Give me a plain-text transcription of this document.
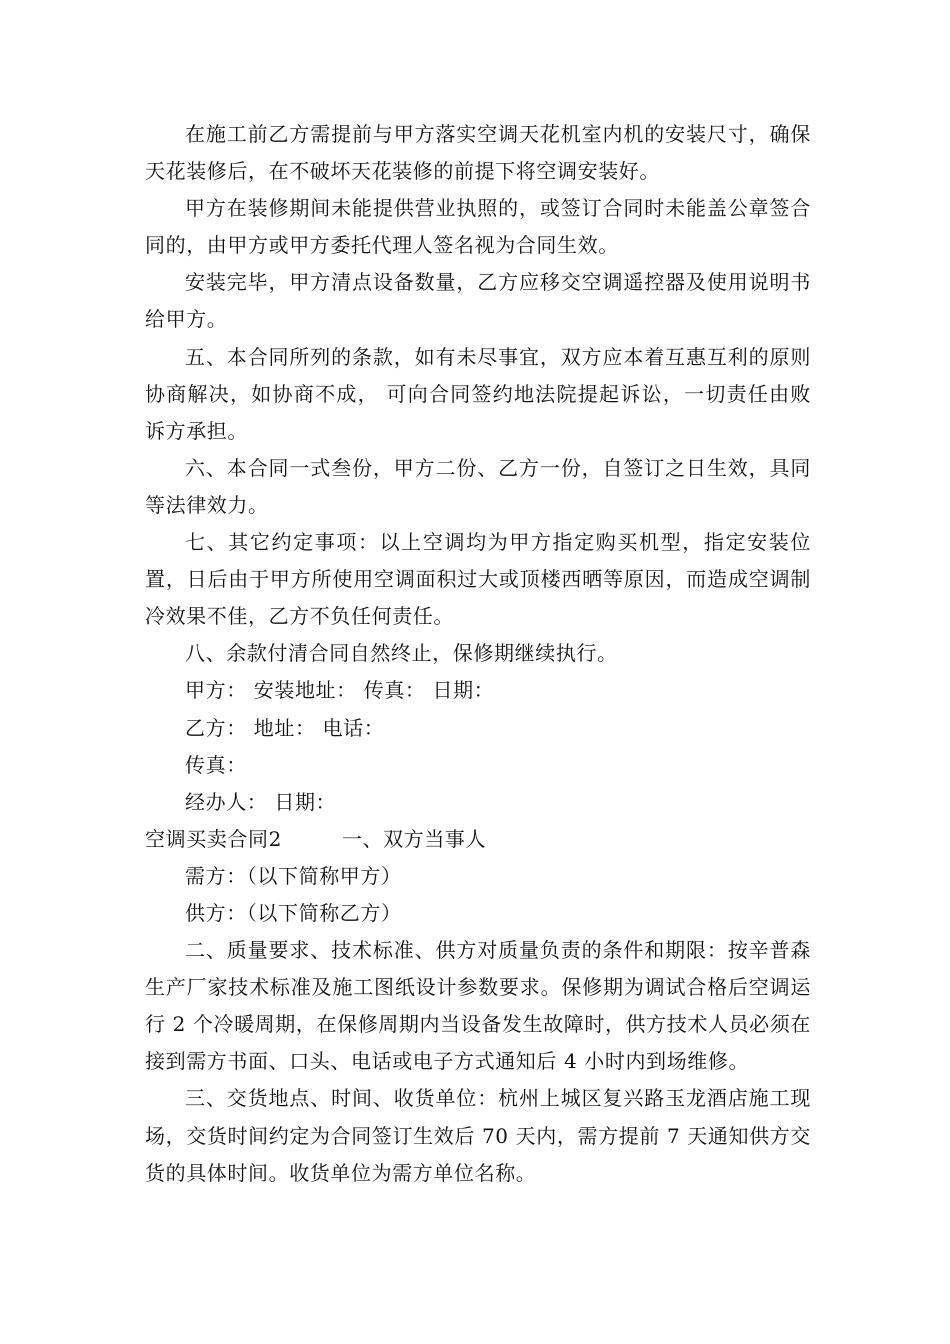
在施工前乙方需提前与甲方落实空调天花机室内机的安装尺寸，确保天花装修后，在不破坏天花装修的前提下将空调安装好。

甲方在装修期间未能提供营业执照的，或签订合同时未能盖公章签合同的，由甲方或甲方委托代理人签名视为合同生效。

安装完毕，甲方清点设备数量，乙方应移交空调遥控器及使用说明书给甲方。

五、本合同所列的条款，如有未尽事宜，双方应本着互惠互利的原则协商解决，如协商不成， 可向合同签约地法院提起诉讼，一切责任由败诉方承担。

六、本合同一式叁份，甲方二份、乙方一份，自签订之日生效，具同等法律效力。

七、其它约定事项：以上空调均为甲方指定购买机型，指定安装位置，日后由于甲方所使用空调面积过大或顶楼西晒等原因，而造成空调制冷效果不佳，乙方不负任何责任。

八、余款付清合同自然终止，保修期继续执行。

甲方： 安装地址： 传真： 日期：

乙方： 地址： 电话：

传真：

经办人： 日期：

空调买卖合同2	一、双方当事人

需方：（以下简称甲方）

供方：（以下简称乙方）

二、质量要求、技术标准、供方对质量负责的条件和期限：按辛普森生产厂家技术标准及施工图纸设计参数要求。保修期为调试合格后空调运行 2 个冷暖周期，在保修周期内当设备发生故障时，供方技术人员必须在接到需方书面、口头、电话或电子方式通知后 4 小时内到场维修。

三、交货地点、时间、收货单位：杭州上城区复兴路玉龙酒店施工现场，交货时间约定为合同签订生效后 70 天内，需方提前 7 天通知供方交货的具体时间。收货单位为需方单位名称。
